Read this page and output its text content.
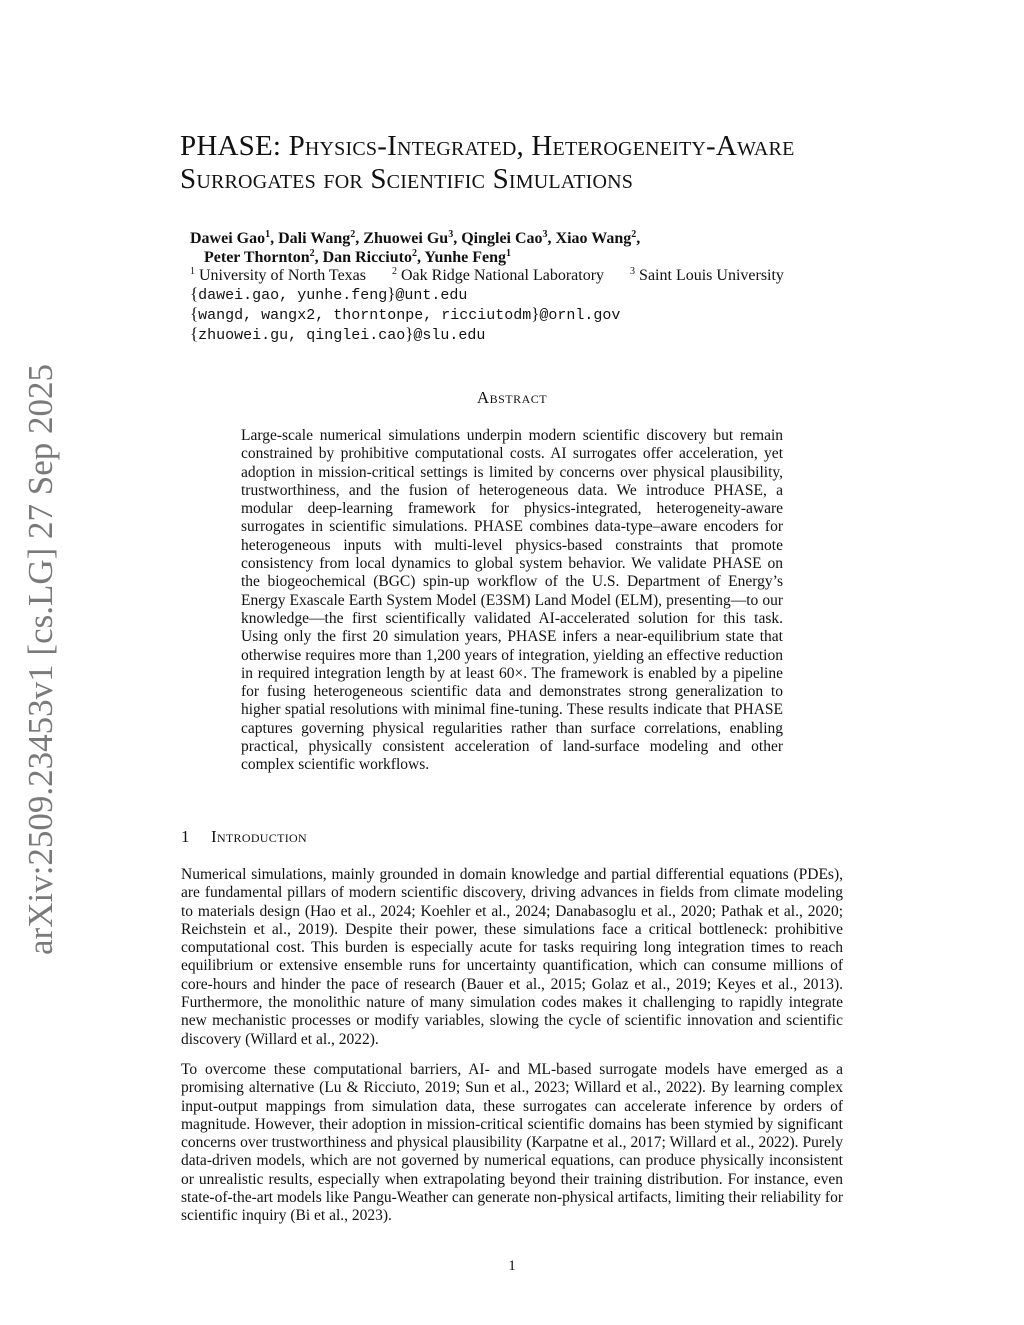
arXiv:2509.23453v1 [cs.LG] 27 Sep 2025
PHASE: Physics-Integrated, Heterogeneity-Aware
Surrogates for Scientific Simulations
Dawei Gao$^1$, Dali Wang$^2$, Zhuowei Gu$^3$, Qinglei Cao$^3$, Xiao Wang$^2$,
Peter Thornton$^2$, Dan Ricciuto$^2$, Yunhe Feng$^1$
$^1$ University of North Texas	$^2$ Oak Ridge National Laboratory	$^3$ Saint Louis University
{dawei.gao, yunhe.feng}@unt.edu
{wangd, wangx2, thorntonpe, ricciutodm}@ornl.gov
{zhuowei.gu, qinglei.cao}@slu.edu
Abstract
Large-scale numerical simulations underpin modern scientific discovery but remain constrained by prohibitive computational costs. AI surrogates offer acceleration, yet adoption in mission-critical settings is limited by concerns over physical plausibility, trustworthiness, and the fusion of heterogeneous data. We introduce PHASE, a modular deep-learning framework for physics-integrated, heterogeneity-aware surrogates in scientific simulations. PHASE combines data-type–aware encoders for heterogeneous inputs with multi-level physics-based constraints that promote consistency from local dynamics to global system behavior. We validate PHASE on the biogeochemical (BGC) spin-up workflow of the U.S. Department of Energy’s Energy Exascale Earth System Model (E3SM) Land Model (ELM), presenting—to our knowledge—the first scientifically validated AI-accelerated solution for this task. Using only the first 20 simulation years, PHASE infers a near-equilibrium state that otherwise requires more than 1,200 years of integration, yielding an effective reduction in required integration length by at least 60×. The framework is enabled by a pipeline for fusing heterogeneous scientific data and demonstrates strong generalization to higher spatial resolutions with minimal fine-tuning. These results indicate that PHASE captures governing physical regularities rather than surface correlations, enabling practical, physically consistent acceleration of land-surface modeling and other complex scientific workflows.
1 Introduction
Numerical simulations, mainly grounded in domain knowledge and partial differential equations (PDEs), are fundamental pillars of modern scientific discovery, driving advances in fields from climate modeling to materials design (Hao et al., 2024; Koehler et al., 2024; Danabasoglu et al., 2020; Pathak et al., 2020; Reichstein et al., 2019). Despite their power, these simulations face a critical bottleneck: prohibitive computational cost. This burden is especially acute for tasks requiring long integration times to reach equilibrium or extensive ensemble runs for uncertainty quantification, which can consume millions of core-hours and hinder the pace of research (Bauer et al., 2015; Golaz et al., 2019; Keyes et al., 2013). Furthermore, the monolithic nature of many simulation codes makes it challenging to rapidly integrate new mechanistic processes or modify variables, slowing the cycle of scientific innovation and scientific discovery (Willard et al., 2022).
To overcome these computational barriers, AI- and ML-based surrogate models have emerged as a promising alternative (Lu & Ricciuto, 2019; Sun et al., 2023; Willard et al., 2022). By learning complex input-output mappings from simulation data, these surrogates can accelerate inference by orders of magnitude. However, their adoption in mission-critical scientific domains has been stymied by significant concerns over trustworthiness and physical plausibility (Karpatne et al., 2017; Willard et al., 2022). Purely data-driven models, which are not governed by numerical equations, can produce physically inconsistent or unrealistic results, especially when extrapolating beyond their training distribution. For instance, even state-of-the-art models like Pangu-Weather can generate non-physical artifacts, limiting their reliability for scientific inquiry (Bi et al., 2023).
1
